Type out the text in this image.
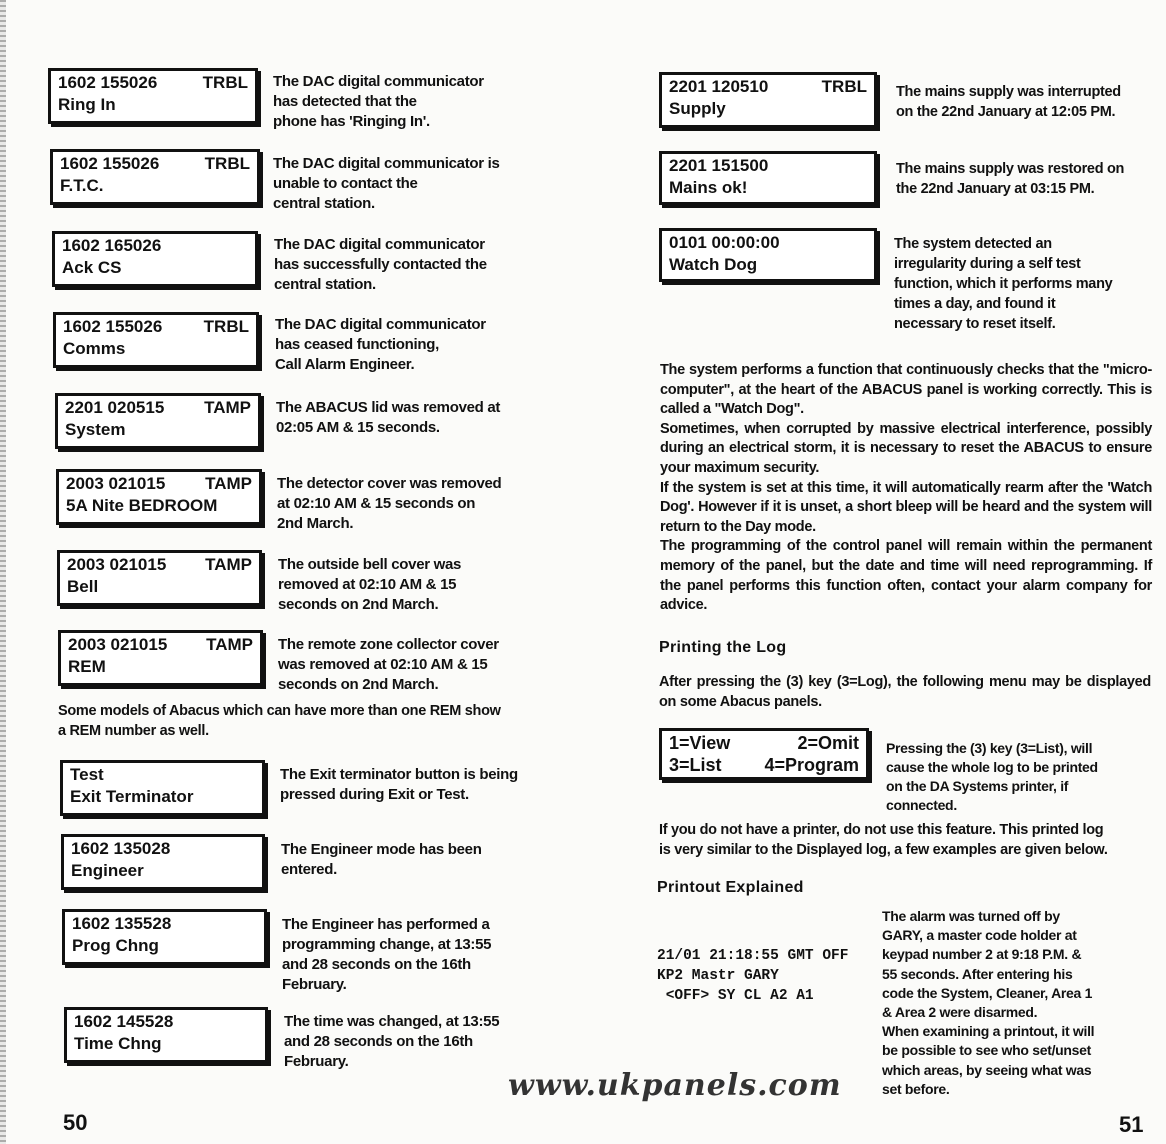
1602 155026	TRBL
Ring In
The DAC digital communicator
has detected that the
phone has 'Ringing In'.
1602 155026	TRBL
F.T.C.
The DAC digital communicator is
unable to contact the
central station.
1602 165026
Ack CS
The DAC digital communicator
has successfully contacted the
central station.
1602 155026 TRBL
Comms
The DAC digital communicator
has ceased functioning,
Call Alarm Engineer.
2201 020515 TAMP
System
The ABACUS lid was removed at
02:05 AM & 15 seconds.
2003 021015 TAMP
5A Nite BEDROOM
The detector cover was removed
at 02:10 AM & 15 seconds on
2nd March.
2003 021015 TAMP
Bell
The outside bell cover was
removed at 02:10 AM & 15
seconds on 2nd March.
2003 021015 TAMP
REM
The remote zone collector cover
was removed at 02:10 AM & 15
seconds on 2nd March.
Some models of Abacus which can have more than one REM show
a REM number as well.
Test
Exit Terminator
The Exit terminator button is being
pressed during Exit or Test.
1602 135028
Engineer
The Engineer mode has been
entered.
1602 135528
Prog Chng
The Engineer has performed a
programming change, at 13:55
and 28 seconds on the 16th
February.
1602 145528
Time Chng
The time was changed, at 13:55
and 28 seconds on the 16th
February.
50
2201 120510	TRBL
Supply
The mains supply was interrupted
on the 22nd January at 12:05 PM.
2201 151500
Mains ok!
The mains supply was restored on
the 22nd January at 03:15 PM.
0101 00:00:00
Watch Dog
The system detected an
irregularity during a self test
function, which it performs many
times a day, and found it
necessary to reset itself.

The system performs a function that continuously checks that the "micro-computer", at the heart of the ABACUS panel is working correctly. This is called a "Watch Dog".

Sometimes, when corrupted by massive electrical interference, possibly during an electrical storm, it is necessary to reset the ABACUS to ensure your maximum security.

If the system is set at this time, it will automatically rearm after the 'Watch Dog'. However if it is unset, a short bleep will be heard and the system will return to the Day mode.

The programming of the control panel will remain within the permanent memory of the panel, but the date and time will need reprogramming. If the panel performs this function often, contact your alarm company for advice.

Printing the Log
After pressing the (3) key (3=Log), the following menu may be displayed on some Abacus panels.
1=View	2=Omit
3=List 4=Program
Pressing the (3) key (3=List), will
cause the whole log to be printed
on the DA Systems printer, if
connected.
If you do not have a printer, do not use this feature. This printed log
is very similar to the Displayed log, a few examples are given below.
Printout Explained

21/01 21:18:55 GMT OFF
KP2 Mastr GARY
<OFF> SY CL A2 A1

The alarm was turned off by
GARY, a master code holder at
keypad number 2 at 9:18 P.M. &
55 seconds. After entering his
code the System, Cleaner, Area 1
& Area 2 were disarmed.
When examining a printout, it will
be possible to see who set/unset
which areas, by seeing what was
set before.
51
www.ukpanels.com
